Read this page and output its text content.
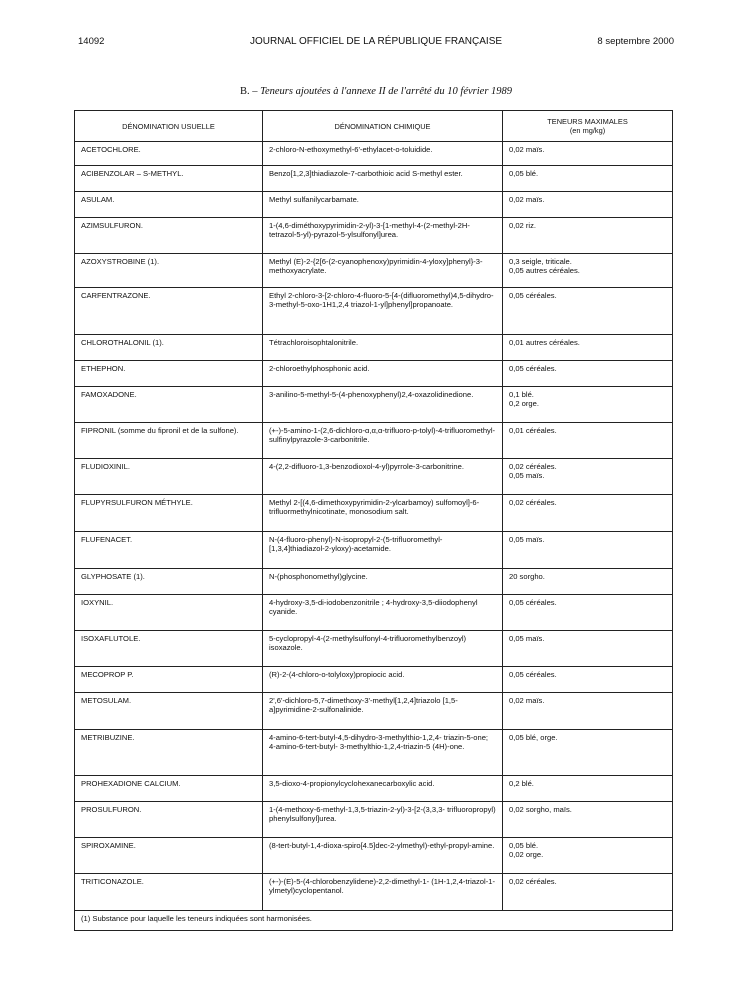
14092	JOURNAL OFFICIEL DE LA RÉPUBLIQUE FRANÇAISE	8 septembre 2000
B. – Teneurs ajoutées à l'annexe II de l'arrêté du 10 février 1989
DÉNOMINATION USUELLE	DÉNOMINATION CHIMIQUE	TENEURS MAXIMALES
(en mg/kg)

ACETOCHLORE.	2-chloro-N-ethoxymethyl-6'-ethylacet-o-toluidide.	0,02 maïs.

ACIBENZOLAR – S-METHYL.	Benzo[1,2,3]thiadiazole-7-carbothioic acid S-methyl ester.	0,05 blé.

ASULAM.	Methyl sulfanilycarbamate.	0,02 maïs.

AZIMSULFURON.	1-(4,6-diméthoxypyrimidin-2-yl)-3-[1-methyl-4-(2-methyl-2H-tetrazol-5-yl)-pyrazol-5-ylsulfonyl]urea.	0,02 riz.

AZOXYSTROBINE (1).	Methyl (E)-2-{2[6-(2-cyanophenoxy)pyrimidin-4-yloxy]phenyl}-3- methoxyacrylate.	0,3 seigle, triticale.
0,05 autres céréales.

CARFENTRAZONE.	Ethyl 2-chloro-3-[2-chloro-4-fluoro-5-[4-(difluoromethyl)4,5-dihydro-3-methyl-5-oxo-1H1,2,4 triazol-1-yl]phenyl]propanoate.	0,05 céréales.

CHLOROTHALONIL (1).	Tétrachloroisophtalonitrile.	0,01 autres céréales.

ETHEPHON.	2-chloroethylphosphonic acid.	0,05 céréales.

FAMOXADONE.	3-anilino-5-methyl-5-(4-phenoxyphenyl)2,4-oxazolidinedione.	0,1 blé.
0,2 orge.

FIPRONIL (somme du fipronil et de la sulfone).	(+-)-5-amino-1-(2,6-dichloro-α,α,α-trifluoro-p-tolyl)-4-trifluoromethyl-sulfinylpyrazole-3-carbonitrile.	0,01 céréales.

FLUDIOXINIL.	4-(2,2-difluoro-1,3-benzodioxol-4-yl)pyrrole-3-carbonitrine.	0,02 céréales.
0,05 maïs.

FLUPYRSULFURON MÉTHYLE.	Methyl 2-[(4,6-dimethoxypyrimidin-2-ylcarbamoy) sulfomoyl]-6- trifluormethylnicotinate, monosodium salt.	0,02 céréales.

FLUFENACET.	N-(4-fluoro-phenyl)-N-isopropyl-2-(5-trifluoromethyl-[1,3,4]thiadiazol-2-yloxy)-acetamide.	0,05 maïs.

GLYPHOSATE (1).	N-(phosphonomethyl)glycine.	20 sorgho.

IOXYNIL.	4-hydroxy-3,5-di-iodobenzonitrile ; 4-hydroxy-3,5-diiodophenyl cyanide.	0,05 céréales.

ISOXAFLUTOLE.	5-cyclopropyl-4-(2-methylsulfonyl-4-trifluoromethylbenzoyl) isoxazole.	0,05 maïs.

MECOPROP P.	(R)-2-(4-chloro-o-tolyloxy)propiocic acid.	0,05 céréales.

METOSULAM.	2',6'-dichloro-5,7-dimethoxy-3'-methyl[1,2,4]triazolo [1,5-a]pyrimidine-2-sulfonalinide.	0,02 maïs.

METRIBUZINE.	4-amino-6-tert-butyl-4,5-dihydro-3-methylthio-1,2,4- triazin-5-one; 4-amino-6-tert-butyl- 3-methylthio-1,2,4-triazin-5 (4H)-one.	0,05 blé, orge.

PROHEXADIONE CALCIUM.	3,5-dioxo-4-propionylcyclohexanecarboxylic acid.	0,2 blé.

PROSULFURON.	1-(4-methoxy-6-methyl-1,3,5-triazin-2-yl)-3-[2-(3,3,3- trifluoropropyl) phenylsulfonyl]urea.	0,02 sorgho, maïs.

SPIROXAMINE.	(8-tert-butyl-1,4-dioxa-spiro[4.5]dec-2-ylmethyl)-ethyl-propyl-amine.	0,05 blé.
0,02 orge.

TRITICONAZOLE.	(+-)-(E)-5-(4-chlorobenzylidene)-2,2-dimethyl-1- (1H-1,2,4-triazol-1-ylmetyl)cyclopentanol.	0,02 céréales.

(1) Substance pour laquelle les teneurs indiquées sont harmonisées.		
